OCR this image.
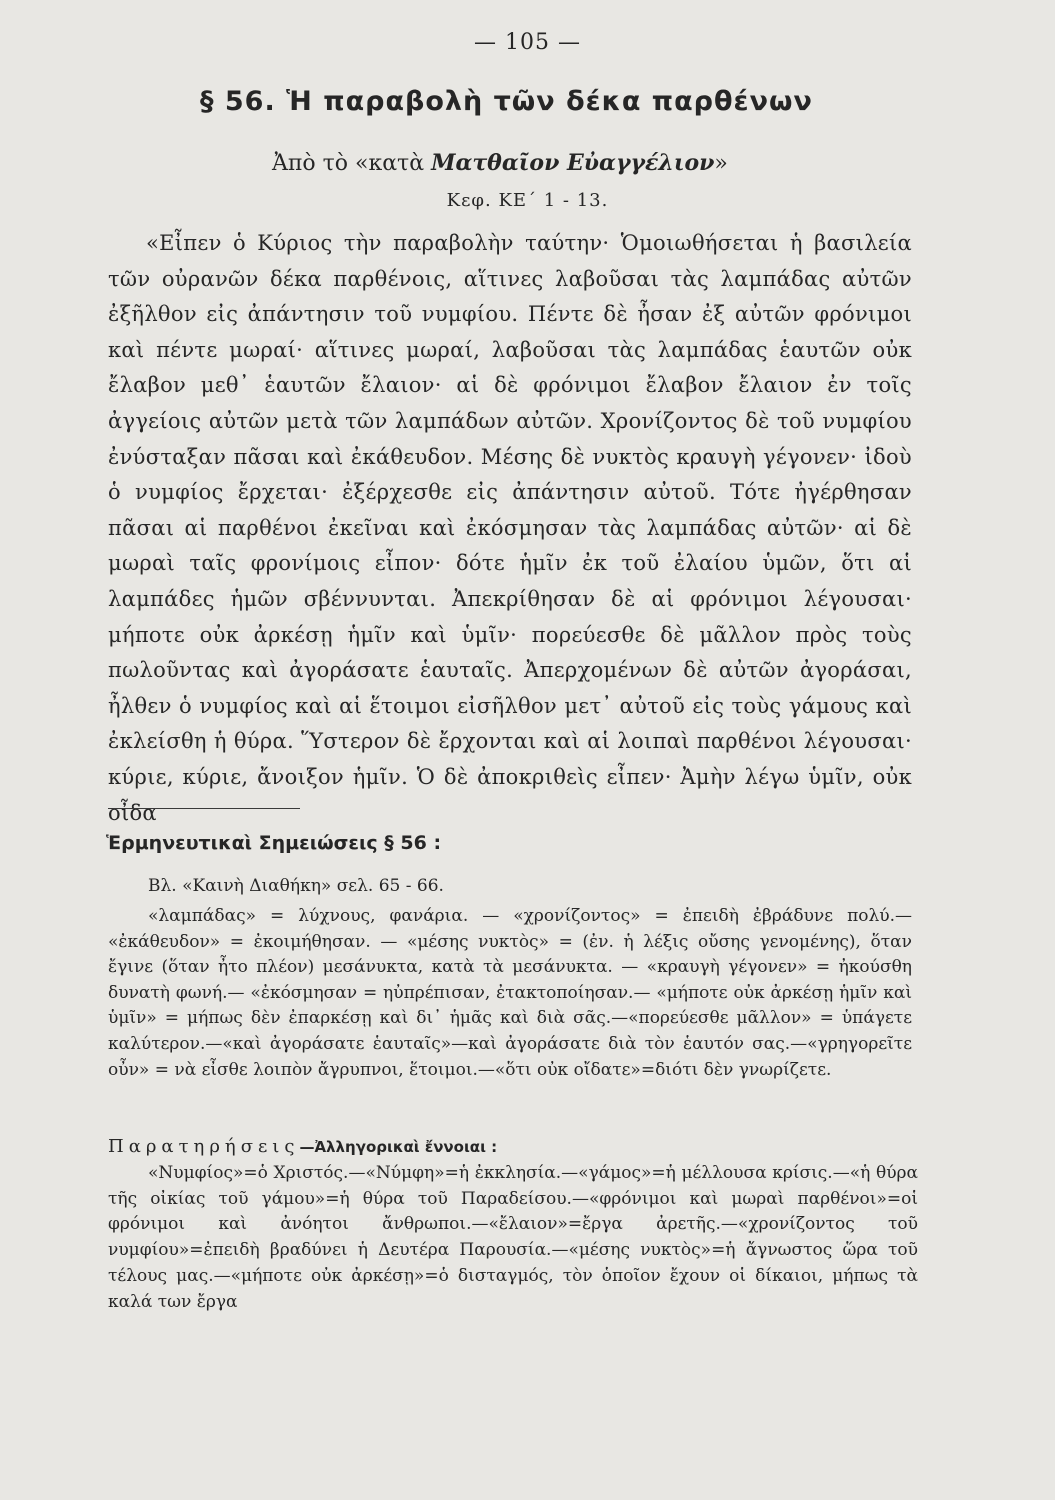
— 105 —
§ 56. Ἡ παραβολὴ τῶν δέκα παρθένων
Ἀπὸ τὸ «κατὰ Ματθαῖον Εὐαγγέλιον»
Κεφ. ΚΕ΄ 1 - 13.

«Εἶπεν ὁ Κύριος τὴν παραβολὴν ταύτην· Ὁμοιωθήσεται ἡ βασιλεία τῶν οὐρανῶν δέκα παρθένοις, αἵτινες λαβοῦσαι τὰς λαμπάδας αὐτῶν ἐξῆλθον εἰς ἀπάντησιν τοῦ νυμφίου. Πέντε δὲ ἦσαν ἐξ αὐτῶν φρόνιμοι καὶ πέντε μωραί· αἵτινες μωραί, λαβοῦσαι τὰς λαμπάδας ἑαυτῶν οὐκ ἔλαβον μεθ᾽ ἑαυτῶν ἔλαιον· αἱ δὲ φρόνιμοι ἔλαβον ἔλαιον ἐν τοῖς ἀγγείοις αὐτῶν μετὰ τῶν λαμπάδων αὐτῶν. Χρονίζοντος δὲ τοῦ νυμφίου ἐνύσταξαν πᾶσαι καὶ ἐκάθευδον. Μέσης δὲ νυκτὸς κραυγὴ γέγονεν· ἰδοὺ ὁ νυμφίος ἔρχεται· ἐξέρχεσθε εἰς ἀπάντησιν αὐτοῦ. Τότε ἠγέρθησαν πᾶσαι αἱ παρθένοι ἐκεῖναι καὶ ἐκόσμησαν τὰς λαμπάδας αὐτῶν· αἱ δὲ μωραὶ ταῖς φρονίμοις εἶπον· δότε ἡμῖν ἐκ τοῦ ἐλαίου ὑμῶν, ὅτι αἱ λαμπάδες ἡμῶν σβέννυνται. Ἀπεκρίθησαν δὲ αἱ φρόνιμοι λέγουσαι· μήποτε οὐκ ἀρκέσῃ ἡμῖν καὶ ὑμῖν· πορεύεσθε δὲ μᾶλλον πρὸς τοὺς πωλοῦντας καὶ ἀγοράσατε ἑαυταῖς. Ἀπερχομένων δὲ αὐτῶν ἀγοράσαι, ἦλθεν ὁ νυμφίος καὶ αἱ ἕτοιμοι εἰσῆλθον μετ᾽ αὐτοῦ εἰς τοὺς γάμους καὶ ἐκλείσθη ἡ θύρα. Ὕστερον δὲ ἔρχονται καὶ αἱ λοιπαὶ παρθένοι λέγουσαι· κύριε, κύριε, ἄνοιξον ἡμῖν. Ὁ δὲ ἀποκριθεὶς εἶπεν· Ἀμὴν λέγω ὑμῖν, οὐκ οἶδα

Ἑρμηνευτικαὶ Σημειώσεις § 56 :
Βλ. «Καινὴ Διαθήκη» σελ. 65 - 66.

«λαμπάδας» = λύχνους, φανάρια. — «χρονίζοντος» = ἐπειδὴ ἐβράδυνε πολύ.— «ἐκάθευδον» = ἐκοιμήθησαν. — «μέσης νυκτὸς» = (ἐν. ἡ λέξις οὔσης γενομένης), ὅταν ἔγινε (ὅταν ἦτο πλέον) μεσάνυκτα, κατὰ τὰ μεσάνυκτα. — «κραυγὴ γέγονεν» = ἠκούσθη δυνατὴ φωνή.— «ἐκόσμησαν = ηὐπρέπισαν, ἐτακτοποίησαν.— «μήποτε οὐκ ἀρκέσῃ ἡμῖν καὶ ὑμῖν» = μήπως δὲν ἐπαρκέσῃ καὶ δι᾽ ἡμᾶς καὶ διὰ σᾶς.—«πορεύεσθε μᾶλλον» = ὑπάγετε καλύτερον.—«καὶ ἀγοράσατε ἑαυταῖς»—καὶ ἀγοράσατε διὰ τὸν ἑαυτόν σας.—«γρηγορεῖτε οὖν» = νὰ εἶσθε λοιπὸν ἄγρυπνοι, ἕτοιμοι.—«ὅτι οὐκ οἴδατε»=διότι δὲν γνωρίζετε.

Παρατηρήσεις—Ἀλληγορικαὶ ἔννοιαι :
«Νυμφίος»=ὁ Χριστός.—«Νύμφη»=ἡ ἐκκλησία.—«γάμος»=ἡ μέλλουσα κρίσις.—«ἡ θύρα τῆς οἰκίας τοῦ γάμου»=ἡ θύρα τοῦ Παραδείσου.—«φρόνιμοι καὶ μωραὶ παρθένοι»=οἱ φρόνιμοι καὶ ἀνόητοι ἄνθρωποι.—«ἔλαιον»=ἔργα ἀρετῆς.—«χρονίζοντος τοῦ νυμφίου»=ἐπειδὴ βραδύνει ἡ Δευτέρα Παρουσία.—«μέσης νυκτὸς»=ἡ ἄγνωστος ὥρα τοῦ τέλους μας.—«μήποτε οὐκ ἀρκέσῃ»=ὁ δισταγμός, τὸν ὁποῖον ἔχουν οἱ δίκαιοι, μήπως τὰ καλά των ἔργα
